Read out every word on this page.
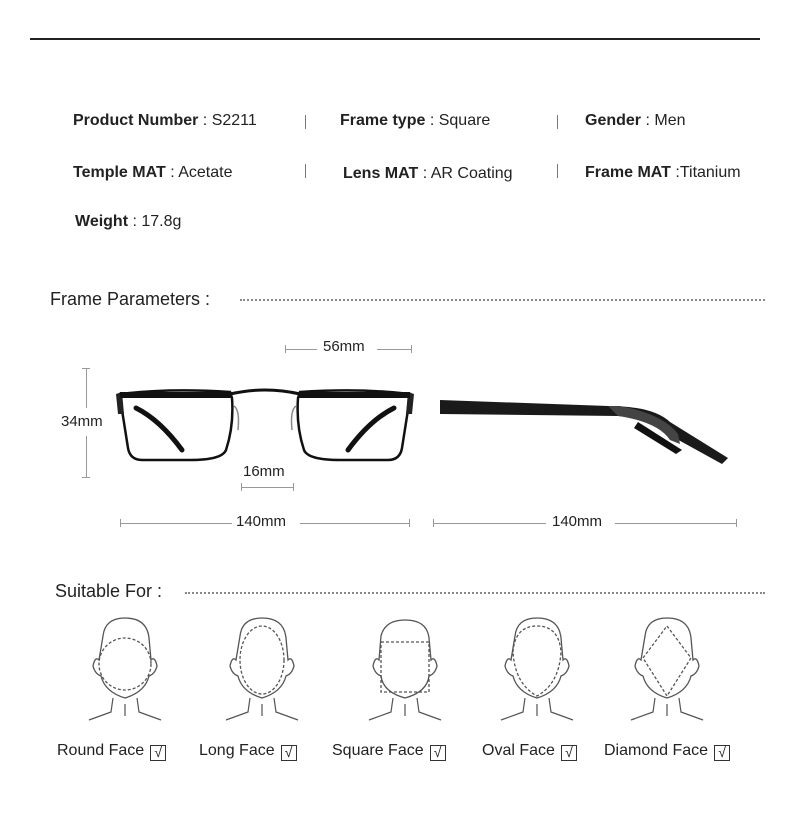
Product Number : S2211	Frame type : Square	Gender : Men
Temple MAT : Acetate	Lens MAT : AR Coating	Frame MAT :Titanium
Weight : 17.8g
Frame Parameters :
56mm
34mm
16mm
140mm	140mm
Suitable For :
Round Face √ Long Face √ Square Face √	Oval Face √ Diamond Face √
